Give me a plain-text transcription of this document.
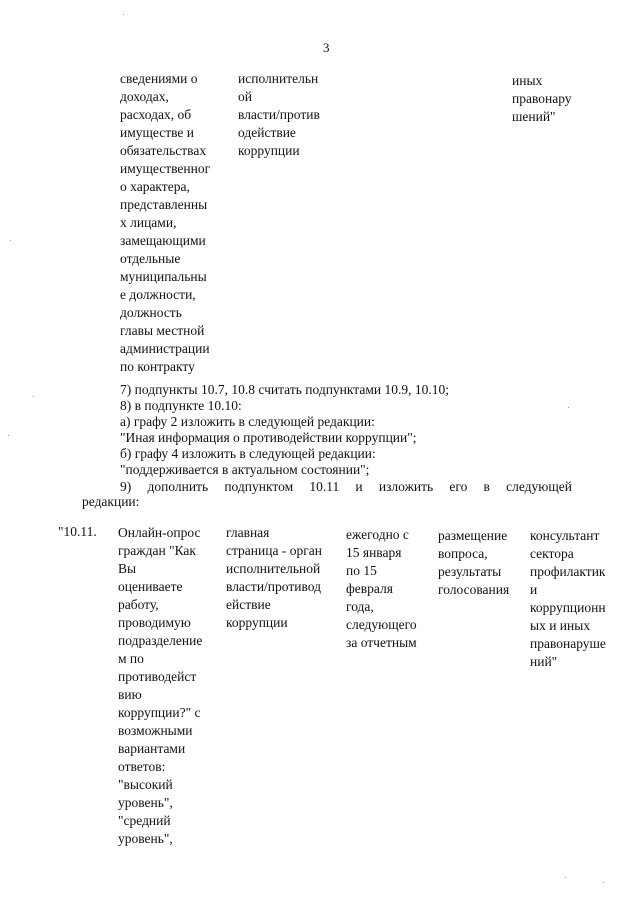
3
сведениями о
доходах,
расходах, об
имуществе и
обязательствах
имущественног
о характера,
представленны
х лицами,
замещающими
отдельные
муниципальны
е должности,
должность
главы местной
администрации
по контракту
исполнительн
ой
власти/против
одействие
коррупции
иных
правонару
шений"
7) подпункты 10.7, 10.8 считать подпунктами 10.9, 10.10;
8) в подпункте 10.10:
а) графу 2 изложить в следующей редакции:
"Иная информация о противодействии коррупции";
б) графу 4 изложить в следующей редакции:
"поддерживается в актуальном состоянии";
9) дополнить подпунктом 10.11 и изложить его в следующей
редакции:
"10.11. Онлайн-опрос
граждан "Как
Вы
оцениваете
работу,
проводимую
подразделение
м по
противодейст
вию
коррупции?" с
возможными
вариантами
ответов:
"высокий
уровень",
"средний
уровень",
главная
страница - орган
исполнительной
власти/противод
ействие
коррупции
ежегодно с
15 января
по 15
февраля
года,
следующего
за отчетным
размещение
вопроса,
результаты
голосования
консультант
сектора
профилактик
и
коррупционн
ых и иных
правонаруше
ний"
